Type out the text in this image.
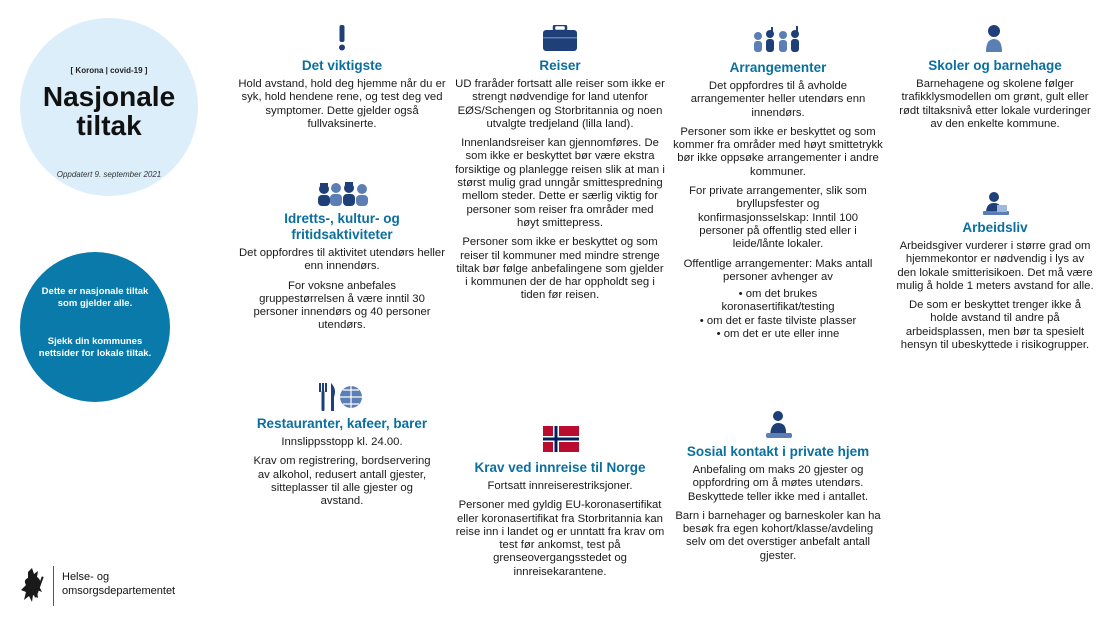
[ Korona | covid-19 ]
Nasjonale
tiltak
Oppdatert 9. september 2021
Dette er nasjonale tiltak som gjelder alle.
Sjekk din kommunes nettsider for lokale tiltak.
Det viktigste

Hold avstand, hold deg hjemme når du er syk, hold hendene rene, og test deg ved symptomer. Dette gjelder også fullvaksinerte.

Idretts-, kultur- og fritidsaktiviteter

Det oppfordres til aktivitet utendørs heller enn innendørs.

For voksne anbefales gruppestørrelsen å være inntil 30 personer innendørs og 40 personer utendørs.

Restauranter, kafeer, barer

Innslippsstopp kl. 24.00.

Krav om registrering, bordservering av alkohol, redusert antall gjester, sitteplasser til alle gjester og avstand.

Reiser

UD fraråder fortsatt alle reiser som ikke er strengt nødvendige for land utenfor EØS/Schengen og Storbritannia og noen utvalgte tredjeland (lilla land).

Innenlandsreiser kan gjennomføres. De som ikke er beskyttet bør være ekstra forsiktige og planlegge reisen slik at man i størst mulig grad unngår smittespredning mellom steder. Dette er særlig viktig for personer som reiser fra områder med høyt smittepress.

Personer som ikke er beskyttet og som reiser til kommuner med mindre strenge tiltak bør følge anbefalingene som gjelder i kommunen der de har oppholdt seg i tiden før reisen.

Krav ved innreise til Norge

Fortsatt innreiserestriksjoner.

Personer med gyldig EU-koronasertifikat eller koronasertifikat fra Storbritannia kan reise inn i landet og er unntatt fra krav om test før ankomst, test på grenseovergangsstedet og innreisekarantene.

Arrangementer

Det oppfordres til å avholde arrangementer heller utendørs enn innendørs.

Personer som ikke er beskyttet og som kommer fra områder med høyt smittetrykk bør ikke oppsøke arrangementer i andre kommuner.

For private arrangementer, slik som bryllupsfester og konfirmasjonsselskap: Inntil 100 personer på offentlig sted eller i leide/lånte lokaler.

Offentlige arrangementer: Maks antall personer avhenger av

• om det brukes koronasertifikat/testing

• om det er faste tilviste plasser

• om det er ute eller inne

Sosial kontakt i private hjem

Anbefaling om maks 20 gjester og oppfordring om å møtes utendørs. Beskyttede teller ikke med i antallet.

Barn i barnehager og barneskoler kan ha besøk fra egen kohort/klasse/avdeling selv om det overstiger anbefalt antall gjester.

Skoler og barnehage

Barnehagene og skolene følger trafikklysmodellen om grønt, gult eller rødt tiltaksnivå etter lokale vurderinger av den enkelte kommune.

Arbeidsliv

Arbeidsgiver vurderer i større grad om hjemmekontor er nødvendig i lys av den lokale smitterisikoen. Det må være mulig å holde 1 meters avstand for alle.

De som er beskyttet trenger ikke å holde avstand til andre på arbeidsplassen, men bør ta spesielt hensyn til ubeskyttede i risikogrupper.

Helse- og
omsorgsdepartementet
